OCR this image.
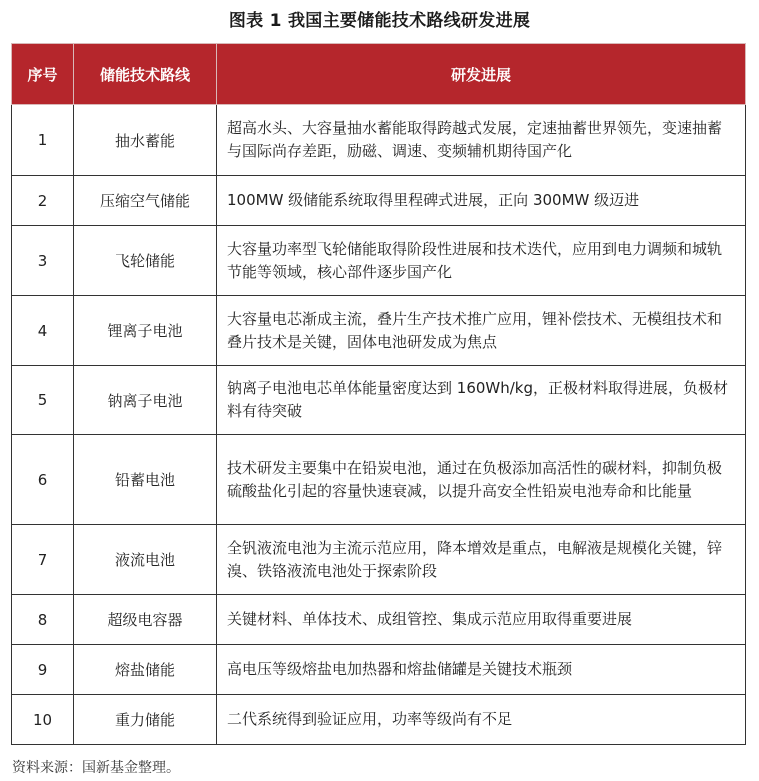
图表 1 我国主要储能技术路线研发进展
序号	储能技术路线	研发进展
1	抽水蓄能	超高水头、大容量抽水蓄能取得跨越式发展，定速抽蓄世界领先，变速抽蓄与国际尚存差距，励磁、调速、变频辅机期待国产化
2	压缩空气储能	100MW 级储能系统取得里程碑式进展，正向 300MW 级迈进
3	飞轮储能	大容量功率型飞轮储能取得阶段性进展和技术迭代，应用到电力调频和城轨节能等领域，核心部件逐步国产化
4	锂离子电池	大容量电芯渐成主流，叠片生产技术推广应用，锂补偿技术、无模组技术和叠片技术是关键，固体电池研发成为焦点
5	钠离子电池	钠离子电池电芯单体能量密度达到 160Wh/kg，正极材料取得进展，负极材料有待突破
6	铅蓄电池	技术研发主要集中在铅炭电池，通过在负极添加高活性的碳材料，抑制负极硫酸盐化引起的容量快速衰减，以提升高安全性铅炭电池寿命和比能量
7	液流电池	全钒液流电池为主流示范应用，降本增效是重点，电解液是规模化关键，锌溴、铁铬液流电池处于探索阶段
8	超级电容器	关键材料、单体技术、成组管控、集成示范应用取得重要进展
9	熔盐储能	高电压等级熔盐电加热器和熔盐储罐是关键技术瓶颈
10	重力储能	二代系统得到验证应用，功率等级尚有不足
资料来源：国新基金整理。
